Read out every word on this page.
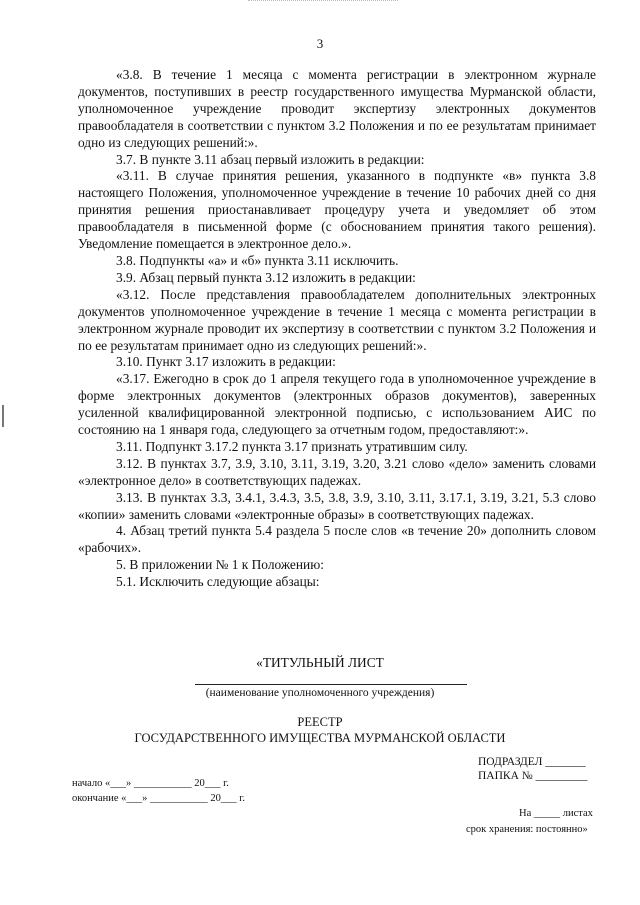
3

«3.8. В течение 1 месяца с момента регистрации в электронном журнале документов, поступивших в реестр государственного имущества Мурманской области, уполномоченное учреждение проводит экспертизу электронных документов правообладателя в соответствии с пунктом 3.2 Положения и по ее результатам принимает одно из следующих решений:».

3.7. В пункте 3.11 абзац первый изложить в редакции:

«3.11. В случае принятия решения, указанного в подпункте «в» пункта 3.8 настоящего Положения, уполномоченное учреждение в течение 10 рабочих дней со дня принятия решения приостанавливает процедуру учета и уведомляет об этом правообладателя в письменной форме (с обоснованием принятия такого решения). Уведомление помещается в электронное дело.».

3.8. Подпункты «а» и «б» пункта 3.11 исключить.

3.9. Абзац первый пункта 3.12 изложить в редакции:

«3.12. После представления правообладателем дополнительных электронных документов уполномоченное учреждение в течение 1 месяца с момента регистрации в электронном журнале проводит их экспертизу в соответствии с пунктом 3.2 Положения и по ее результатам принимает одно из следующих решений:».

3.10. Пункт 3.17 изложить в редакции:

«3.17. Ежегодно в срок до 1 апреля текущего года в уполномоченное учреждение в форме электронных документов (электронных образов документов), заверенных усиленной квалифицированной электронной подписью, с использованием АИС по состоянию на 1 января года, следующего за отчетным годом, предоставляют:».

3.11. Подпункт 3.17.2 пункта 3.17 признать утратившим силу.

3.12. В пунктах 3.7, 3.9, 3.10, 3.11, 3.19, 3.20, 3.21 слово «дело» заменить словами «электронное дело» в соответствующих падежах.

3.13. В пунктах 3.3, 3.4.1, 3.4.3, 3.5, 3.8, 3.9, 3.10, 3.11, 3.17.1, 3.19, 3.21, 5.3 слово «копии» заменить словами «электронные образы» в соответствующих падежах.

4. Абзац третий пункта 5.4 раздела 5 после слов «в течение 20» дополнить словом «рабочих».

5. В приложении № 1 к Положению:

5.1. Исключить следующие абзацы:

«ТИТУЛЬНЫЙ ЛИСТ
(наименование уполномоченного учреждения)
РЕЕСТР
ГОСУДАРСТВЕННОГО ИМУЩЕСТВА МУРМАНСКОЙ ОБЛАСТИ
ПОДРАЗДЕЛ _______
ПАПКА № _________
начало «___» ___________ 20___ г.
окончание «___» ___________ 20___ г.
На _____ листах
срок хранения: постоянно»
